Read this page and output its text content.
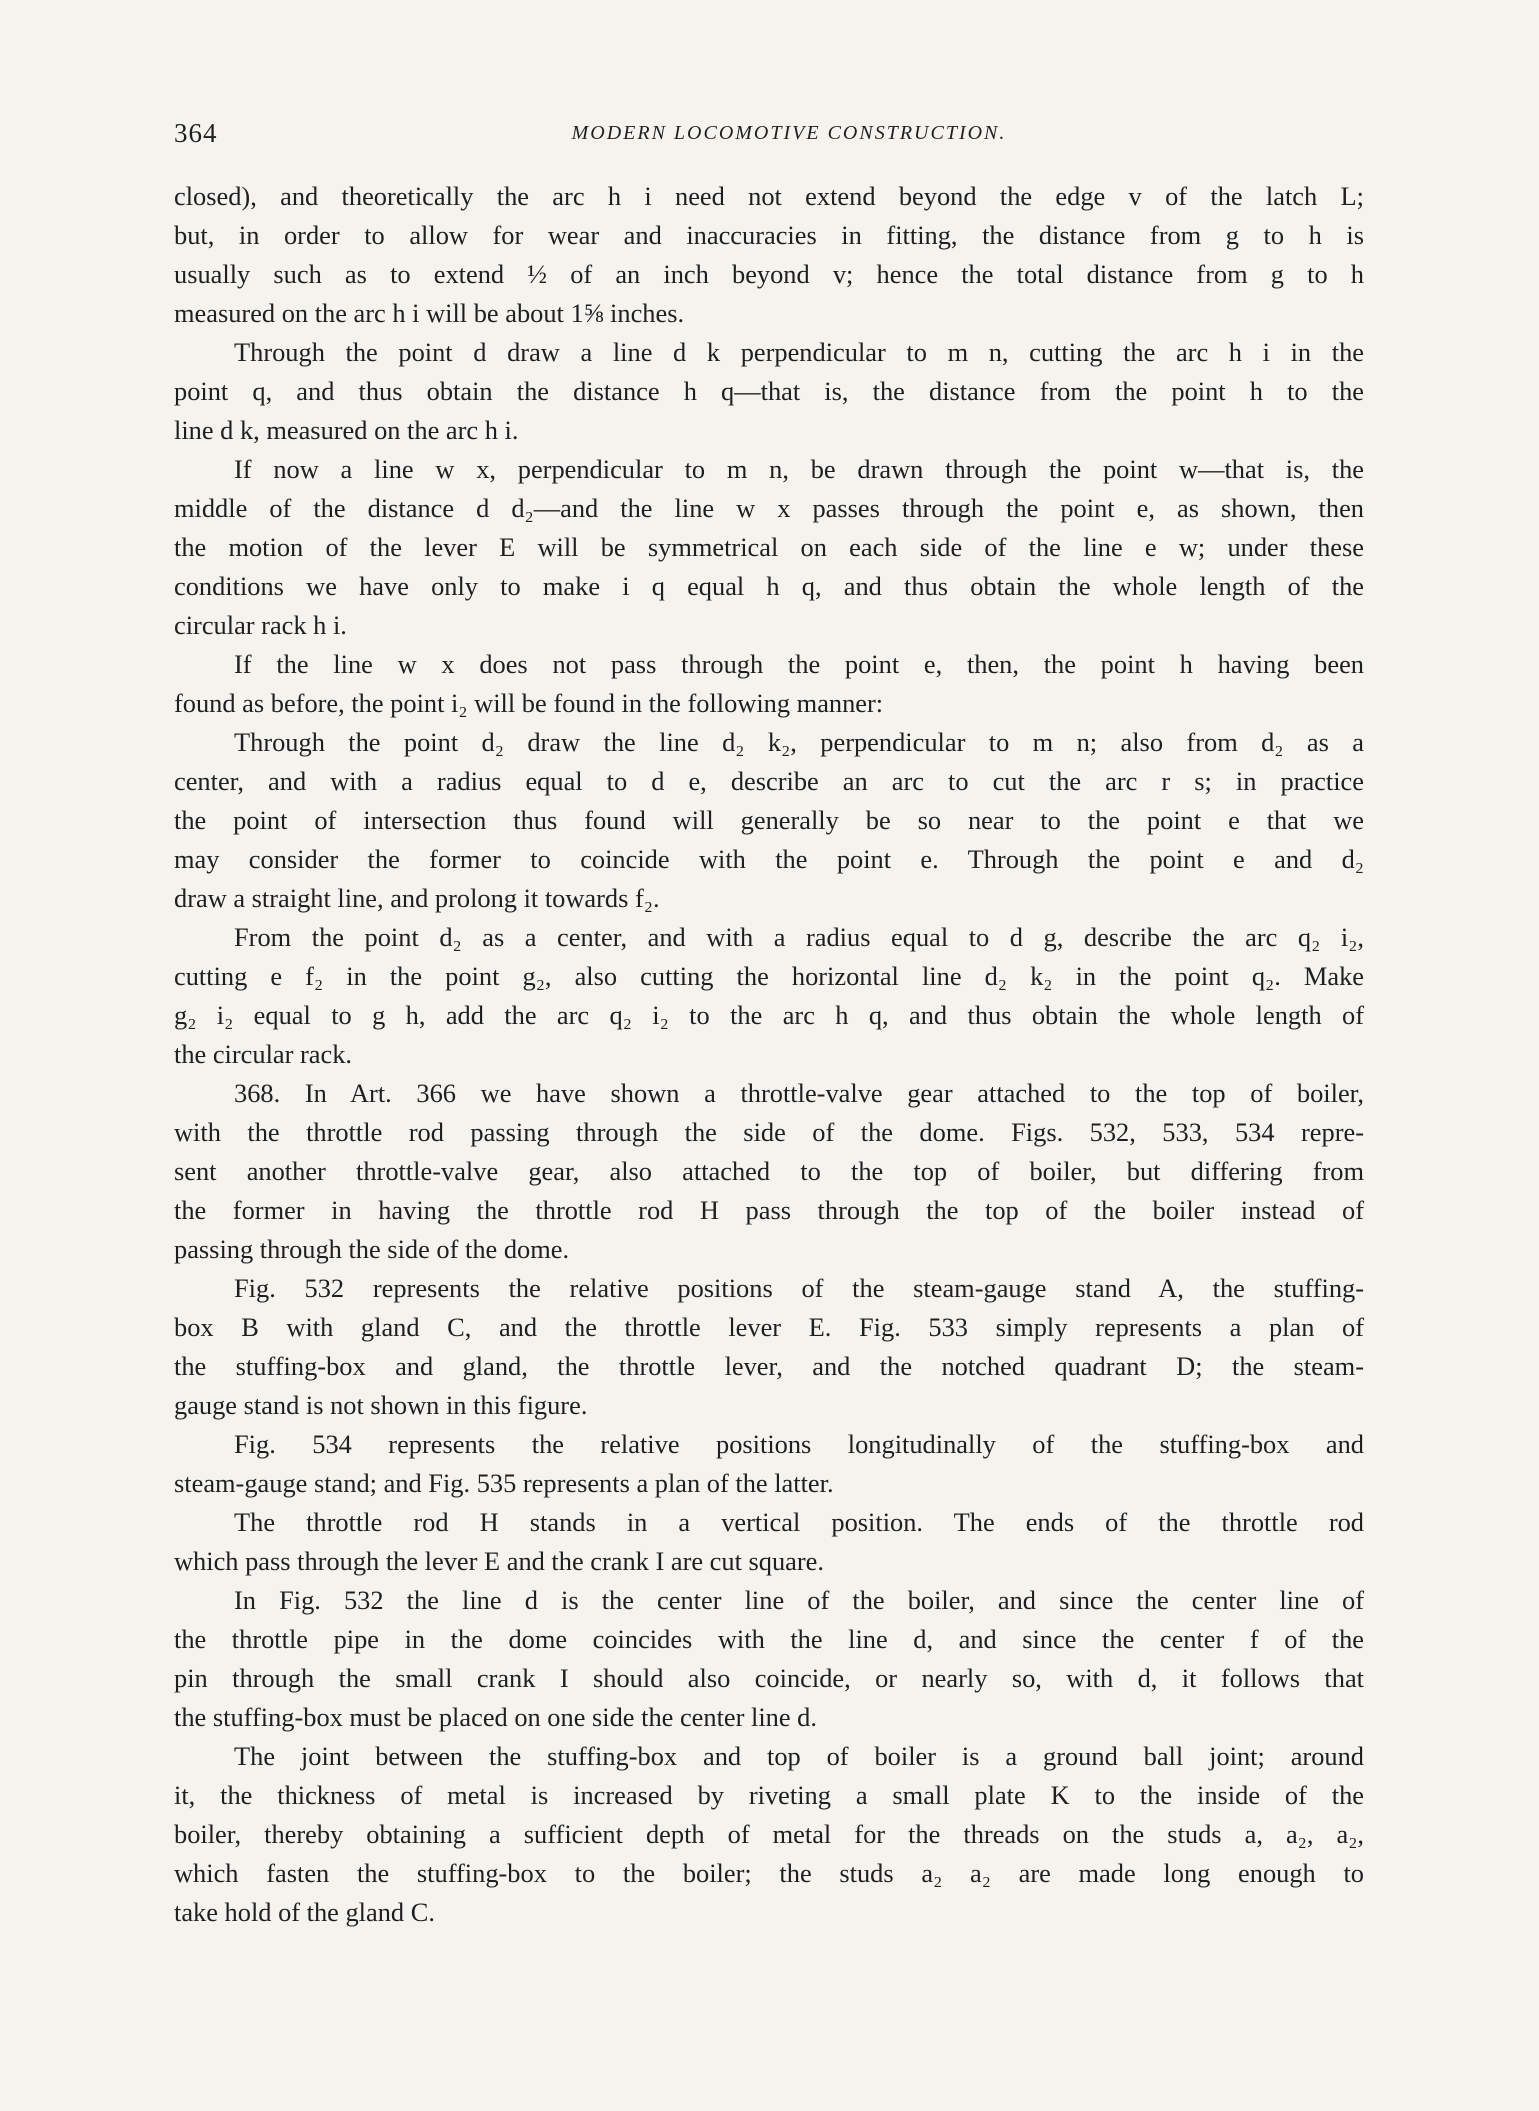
364	MODERN LOCOMOTIVE CONSTRUCTION.

closed), and theoretically the arc h i need not extend beyond the edge v of the latch L;
but, in order to allow for wear and inaccuracies in fitting, the distance from g to h is
usually such as to extend ½ of an inch beyond v; hence the total distance from g to h
measured on the arc h i will be about 1⅝ inches.

Through the point d draw a line d k perpendicular to m n, cutting the arc h i in the
point q, and thus obtain the distance h q—that is, the distance from the point h to the
line d k, measured on the arc h i.

If now a line w x, perpendicular to m n, be drawn through the point w—that is, the
middle of the distance d d₂—and the line w x passes through the point e, as shown, then
the motion of the lever E will be symmetrical on each side of the line e w; under these
conditions we have only to make i q equal h q, and thus obtain the whole length of the
circular rack h i.

If the line w x does not pass through the point e, then, the point h having been
found as before, the point i₂ will be found in the following manner:

Through the point d₂ draw the line d₂ k₂, perpendicular to m n; also from d₂ as a
center, and with a radius equal to d e, describe an arc to cut the arc r s; in practice
the point of intersection thus found will generally be so near to the point e that we
may consider the former to coincide with the point e. Through the point e and d₂
draw a straight line, and prolong it towards f₂.

From the point d₂ as a center, and with a radius equal to d g, describe the arc q₂ i₂,
cutting e f₂ in the point g₂, also cutting the horizontal line d₂ k₂ in the point q₂. Make
g₂ i₂ equal to g h, add the arc q₂ i₂ to the arc h q, and thus obtain the whole length of
the circular rack.

368. In Art. 366 we have shown a throttle-valve gear attached to the top of boiler,
with the throttle rod passing through the side of the dome. Figs. 532, 533, 534 repre-
sent another throttle-valve gear, also attached to the top of boiler, but differing from
the former in having the throttle rod H pass through the top of the boiler instead of
passing through the side of the dome.

Fig. 532 represents the relative positions of the steam-gauge stand A, the stuffing-
box B with gland C, and the throttle lever E. Fig. 533 simply represents a plan of
the stuffing-box and gland, the throttle lever, and the notched quadrant D; the steam-
gauge stand is not shown in this figure.

Fig. 534 represents the relative positions longitudinally of the stuffing-box and
steam-gauge stand; and Fig. 535 represents a plan of the latter.

The throttle rod H stands in a vertical position. The ends of the throttle rod
which pass through the lever E and the crank I are cut square.

In Fig. 532 the line d is the center line of the boiler, and since the center line of
the throttle pipe in the dome coincides with the line d, and since the center f of the
pin through the small crank I should also coincide, or nearly so, with d, it follows that
the stuffing-box must be placed on one side the center line d.

The joint between the stuffing-box and top of boiler is a ground ball joint; around
it, the thickness of metal is increased by riveting a small plate K to the inside of the
boiler, thereby obtaining a sufficient depth of metal for the threads on the studs a, a₂, a₂,
which fasten the stuffing-box to the boiler; the studs a₂ a₂ are made long enough to
take hold of the gland C.
